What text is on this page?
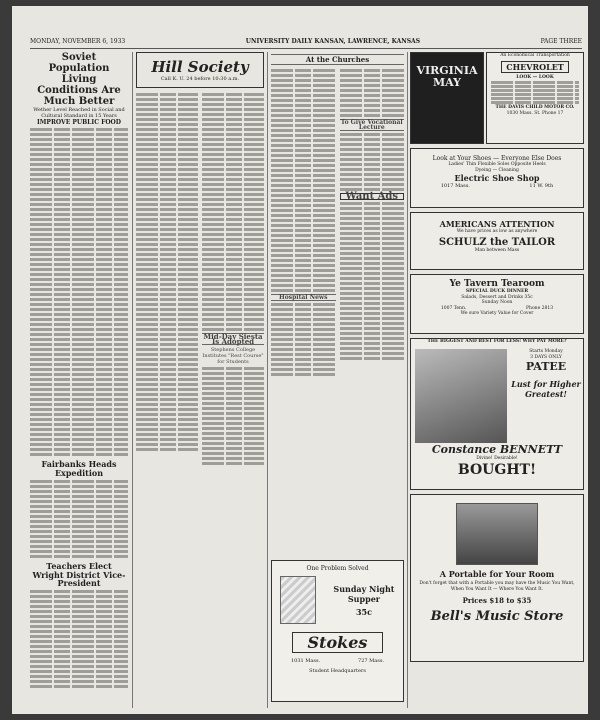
MONDAY, NOVEMBER 6, 1933	UNIVERSITY DAILY KANSAN, LAWRENCE, KANSAS	PAGE THREE
Soviet Population Living Conditions Are Much Better
Wether Level Reached in Social and Cultural Standard in 15 Years
IMPROVE PUBLIC FOOD
Fairbanks Heads Expedition
Teachers Elect Wright District Vice-President
Hill Society
Call K. U. 24 before 10:30 a.m.
Mid-Day Siesta Is Adopted
Stephens College Institutes "Rest Course" for Students
At the Churches
Hospital News
To Give Vocational Lecture
Want Ads
One Problem Solved
Sunday Night
Supper
35c
Stokes
1031 Mass.	727 Mass.
Student Headquarters
VIRGINIA MAY
An Economical Transportation
CHEVROLET
LOOK — LOOK
THE DAVIS CHILD MOTOR CO.
1030 Mass. St. Phone 17
Look at Your Shoes — Everyone Else Does
Ladies' Thin Flexible Soles Opposite Heels
Dyeing — Cleaning
Electric Shoe Shop
1017 Mass.	11 W. 9th
AMERICANS ATTENTION
We have prices as low as anywhere
SCHULZ the TAILOR
Man between Mass
Ye Tavern Tearoom
SPECIAL DUCK DINNER
Salads, Dessert and Drinks 35c
Sunday Noon
1007 Tenn.	Phone 2813
We sure Variety Value for Cover
THE BIGGEST AND BEST FOR LESS! WHY PAY MORE?
Starts Monday
3 DAYS ONLY
PATEE
Lust for Higher Greatest!
Constance BENNETT
Divine! Desirable!
BOUGHT!
A Portable for Your Room
Don't forget that with a Portable you may have the Music You Want, When You Want It — Where You Want It.
Prices $18 to $35
Bell's Music Store
